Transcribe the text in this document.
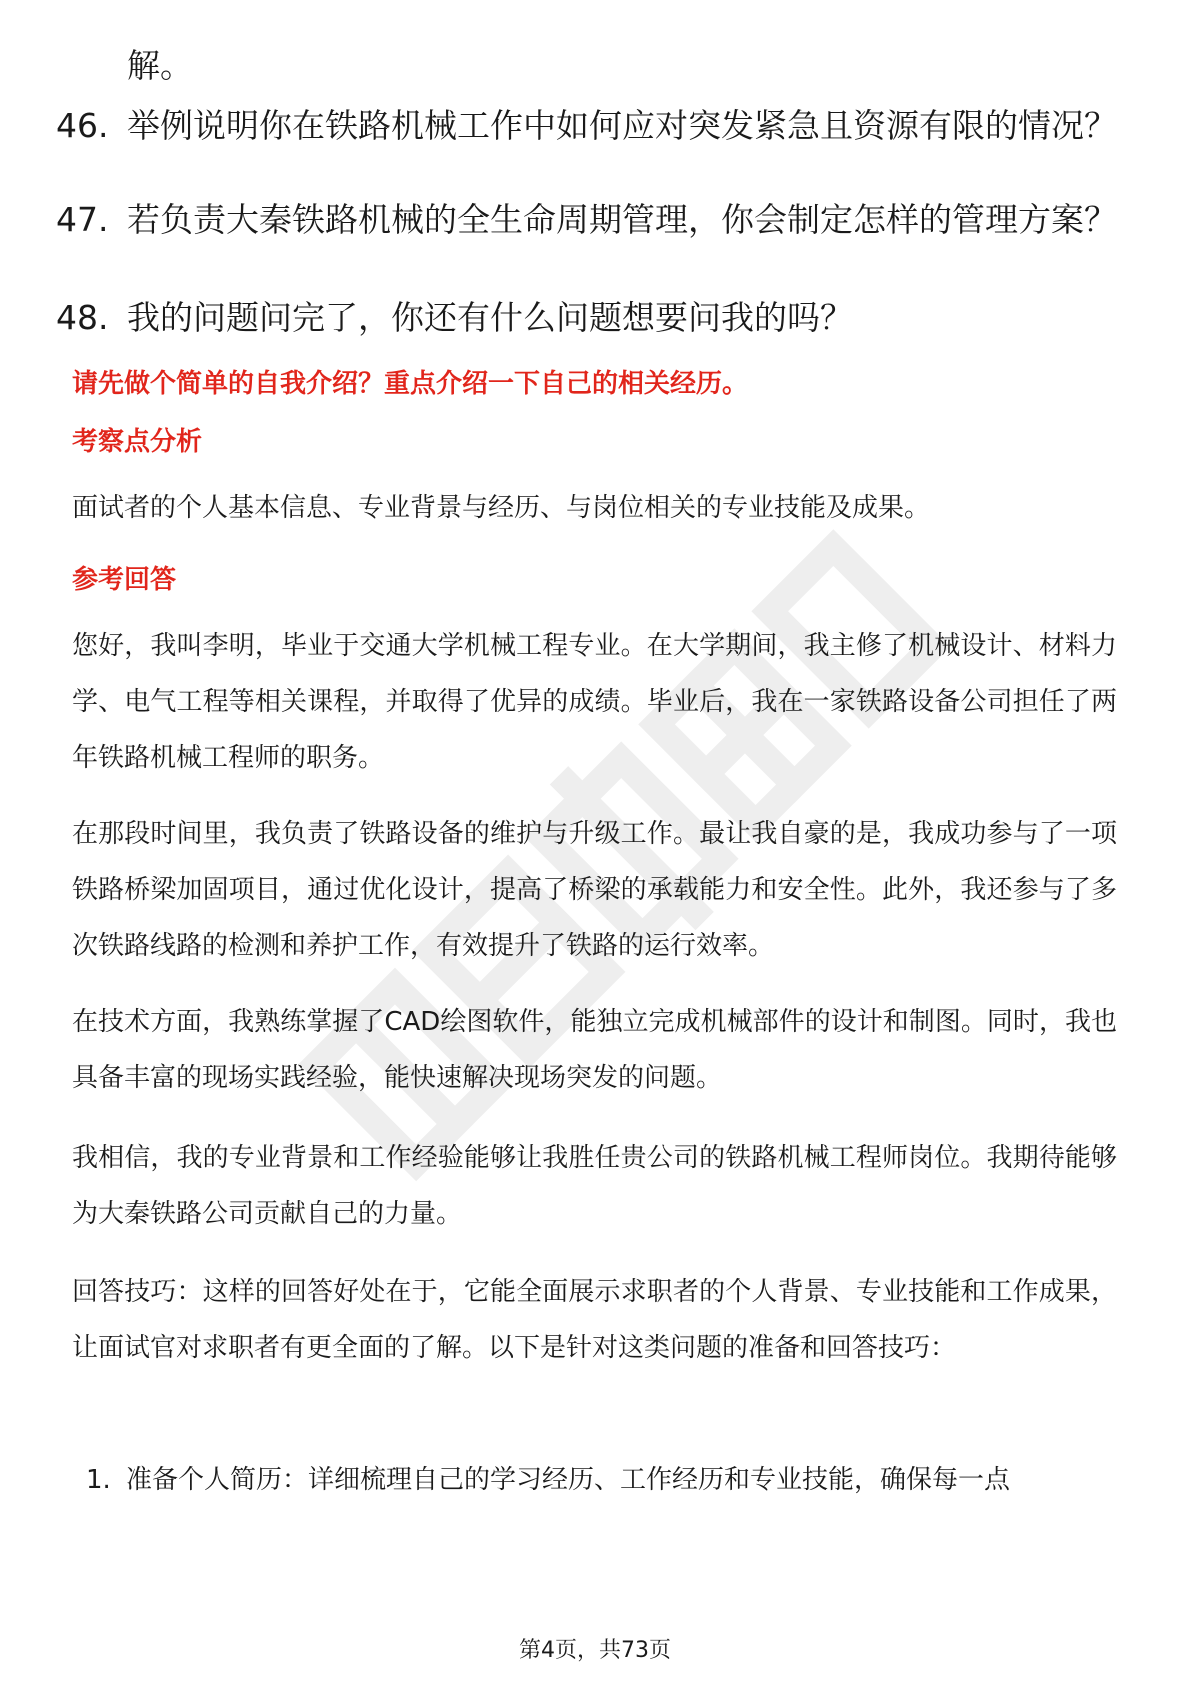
解。
46. 举例说明你在铁路机械工作中如何应对突发紧急且资源有限的情况？
47. 若负责大秦铁路机械的全生命周期管理，你会制定怎样的管理方案？
48. 我的问题问完了，你还有什么问题想要问我的吗？
请先做个简单的自我介绍？重点介绍一下自己的相关经历。
考察点分析
面试者的个人基本信息、专业背景与经历、与岗位相关的专业技能及成果。
参考回答
您好，我叫李明，毕业于交通大学机械工程专业。在大学期间，我主修了机械设计、材料力学、电气工程等相关课程，并取得了优异的成绩。毕业后，我在一家铁路设备公司担任了两年铁路机械工程师的职务。
在那段时间里，我负责了铁路设备的维护与升级工作。最让我自豪的是，我成功参与了一项铁路桥梁加固项目，通过优化设计，提高了桥梁的承载能力和安全性。此外，我还参与了多次铁路线路的检测和养护工作，有效提升了铁路的运行效率。
在技术方面，我熟练掌握了CAD绘图软件，能独立完成机械部件的设计和制图。同时，我也具备丰富的现场实践经验，能快速解决现场突发的问题。
我相信，我的专业背景和工作经验能够让我胜任贵公司的铁路机械工程师岗位。我期待能够为大秦铁路公司贡献自己的力量。
回答技巧：这样的回答好处在于，它能全面展示求职者的个人背景、专业技能和工作成果，让面试官对求职者有更全面的了解。以下是针对这类问题的准备和回答技巧：
1. 准备个人简历：详细梳理自己的学习经历、工作经历和专业技能，确保每一点
第4页，共73页
